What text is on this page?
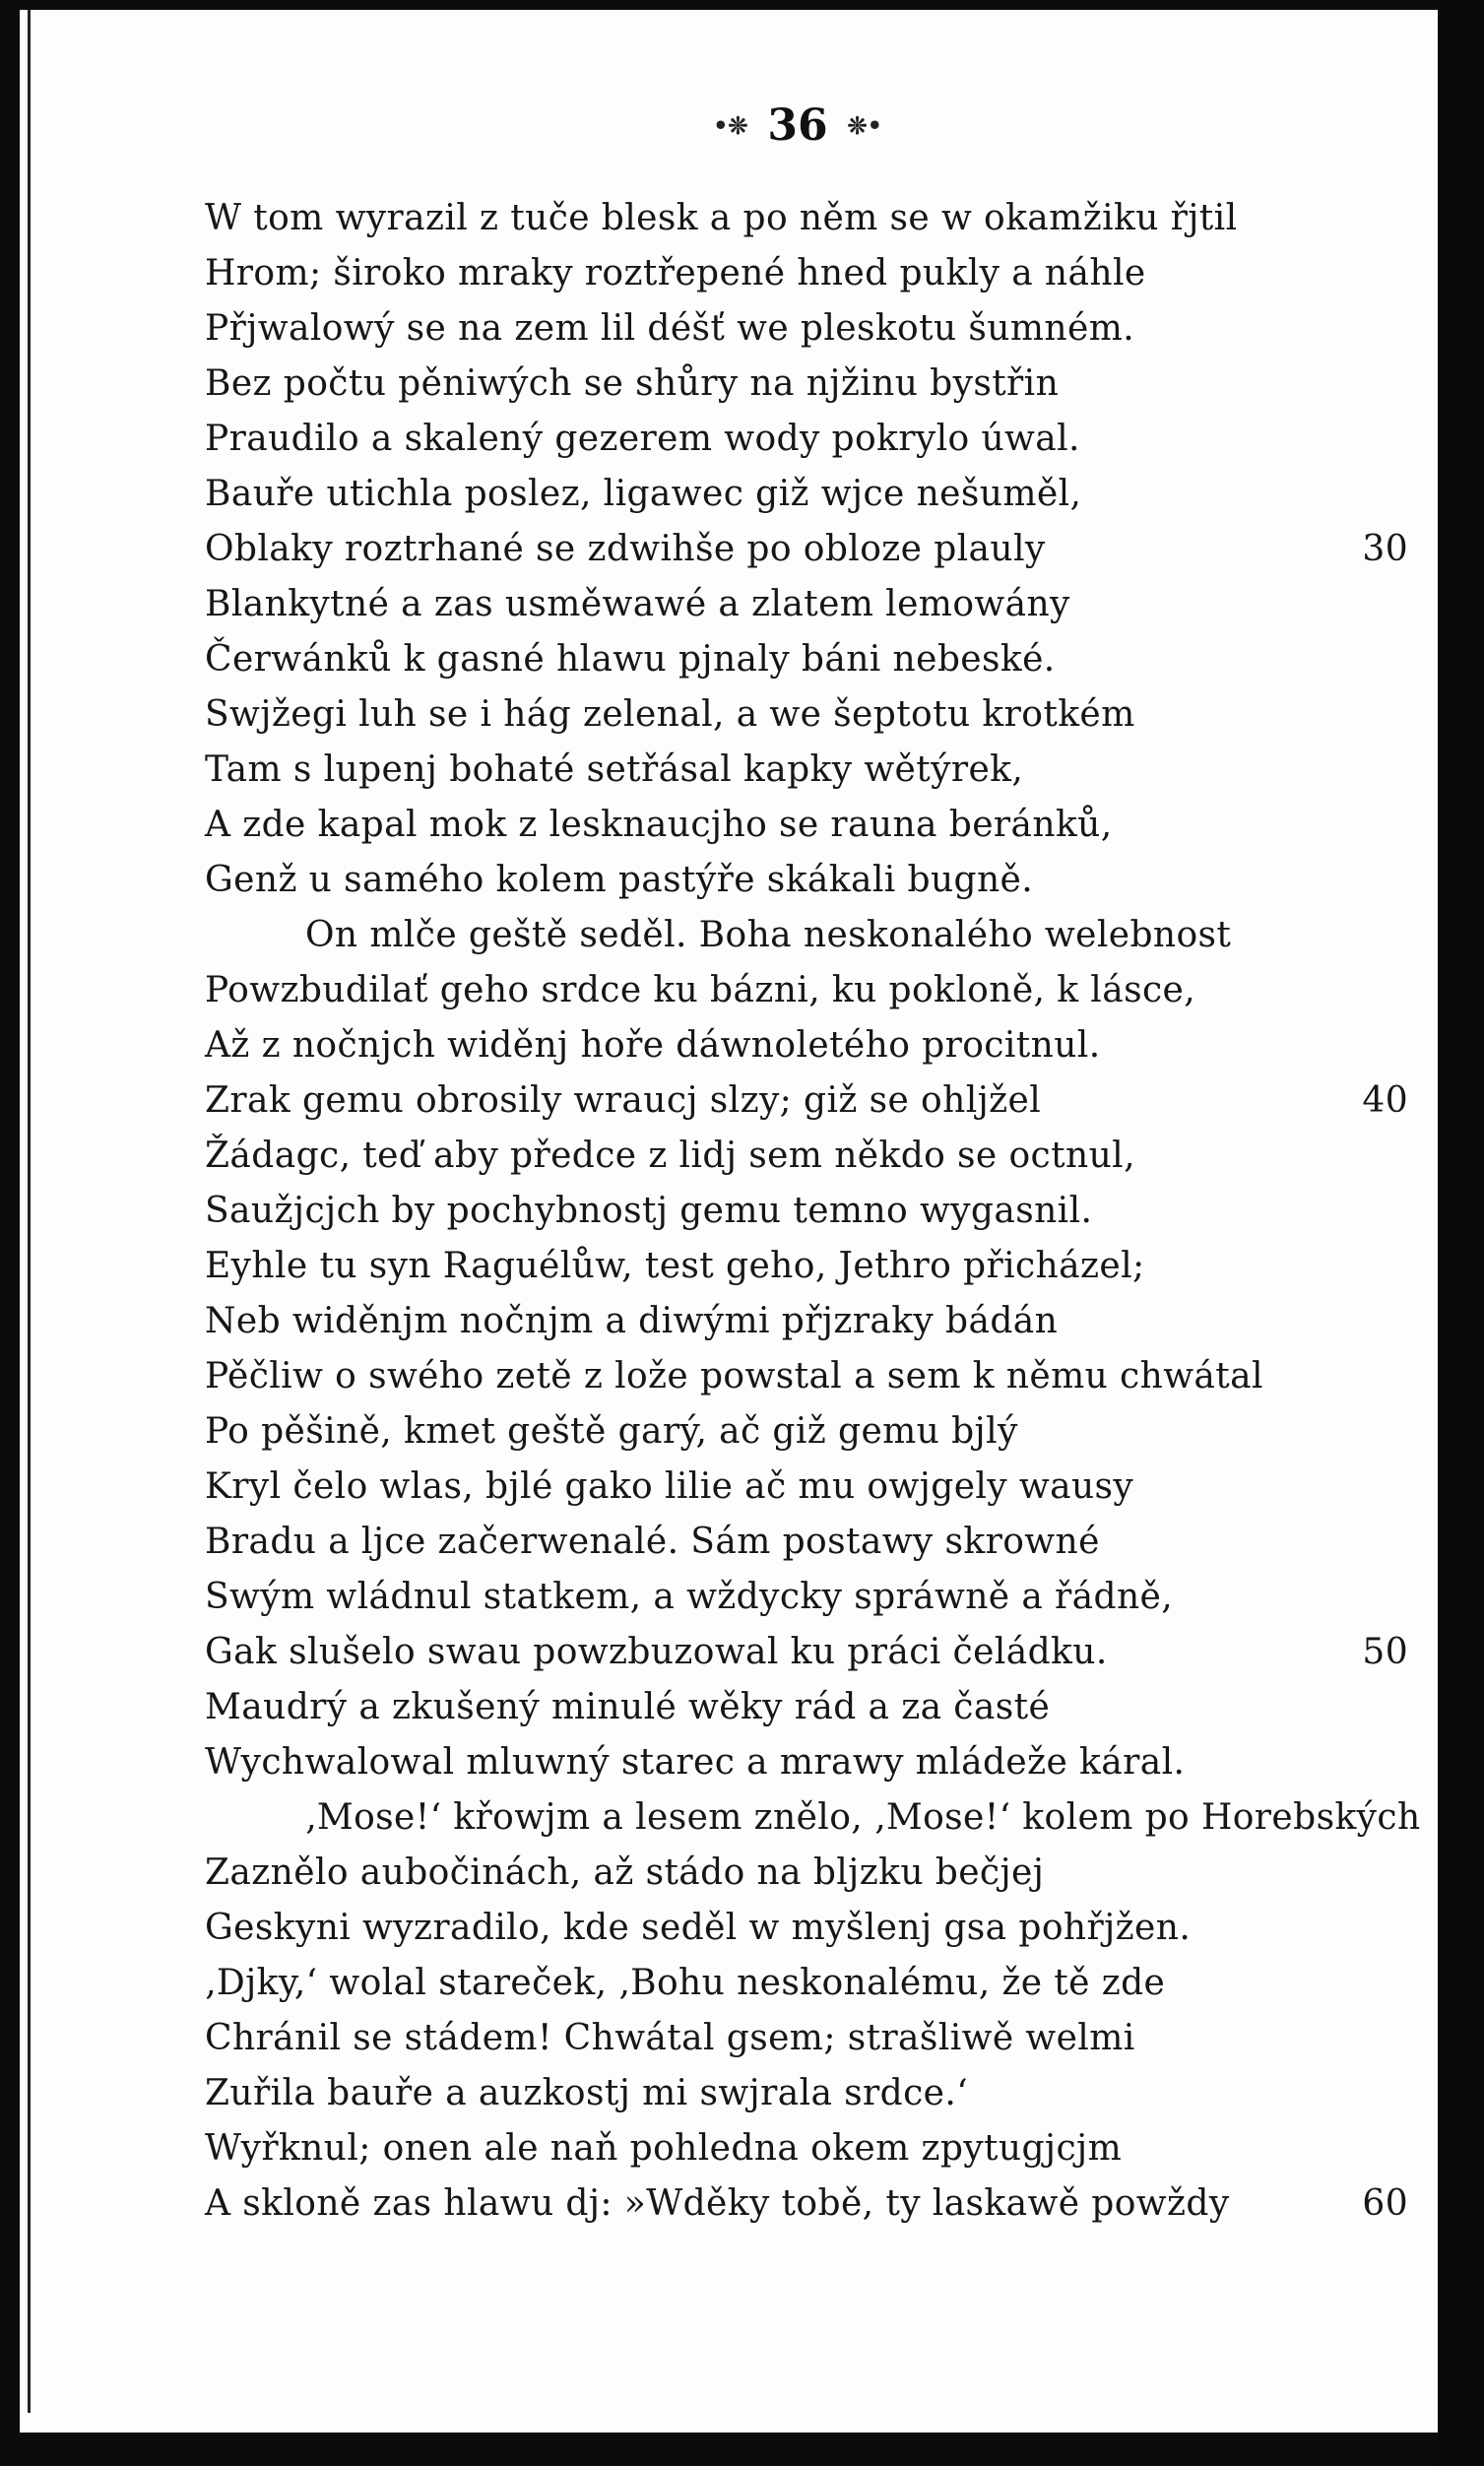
•❊ 36 ❊•
W tom wyrazil z tuče blesk a po něm se w okamžiku řjtil
Hrom; široko mraky roztřepené hned pukly a náhle
Přjwalowý se na zem lil déšť we pleskotu šumném.
Bez počtu pěniwých se shůry na njžinu bystřin
Praudilo a skalený gezerem wody pokrylo úwal.
Bauře utichla poslez, ligawec giž wjce nešuměl,
Oblaky roztrhané se zdwihše po obloze plauly	30
Blankytné a zas usměwawé a zlatem lemowány
Čerwánků k gasné hlawu pjnaly báni nebeské.
Swjžegi luh se i hág zelenal, a we šeptotu krotkém
Tam s lupenj bohaté setřásal kapky wětýrek,
A zde kapal mok z lesknaucjho se rauna beránků,
Genž u samého kolem pastýře skákali bugně.
On mlče geště seděl. Boha neskonalého welebnost
Powzbudilať geho srdce ku bázni, ku pokloně, k lásce,
Až z nočnjch widěnj hoře dáwnoletého procitnul.
Zrak gemu obrosily wraucj slzy; giž se ohljžel	40
Žádagc, teď aby předce z lidj sem někdo se octnul,
Saužjcjch by pochybnostj gemu temno wygasnil.
Eyhle tu syn Raguélůw, test geho, Jethro přicházel;
Neb widěnjm nočnjm a diwými přjzraky bádán
Pěčliw o swého zetě z lože powstal a sem k němu chwátal
Po pěšině, kmet geště garý, ač giž gemu bjlý
Kryl čelo wlas, bjlé gako lilie ač mu owjgely wausy
Bradu a ljce začerwenalé. Sám postawy skrowné
Swým wládnul statkem, a wždycky spráwně a řádně,
Gak slušelo swau powzbuzowal ku práci čeládku.	50
Maudrý a zkušený minulé wěky rád a za časté
Wychwalowal mluwný starec a mrawy mládeže káral.
‚Mose!‘ křowjm a lesem znělo, ‚Mose!‘ kolem po Horebských
Zaznělo aubočinách, až stádo na bljzku bečjej
Geskyni wyzradilo, kde seděl w myšlenj gsa pohřjžen.
‚Djky,‘ wolal stareček, ‚Bohu neskonalému, že tě zde
Chránil se stádem! Chwátal gsem; strašliwě welmi
Zuřila bauře a auzkostj mi swjrala srdce.‘
Wyřknul; onen ale naň pohledna okem zpytugjcjm
A sklоně zas hlawu dj: »Wděky tobě, ty laskawě powždy	60
